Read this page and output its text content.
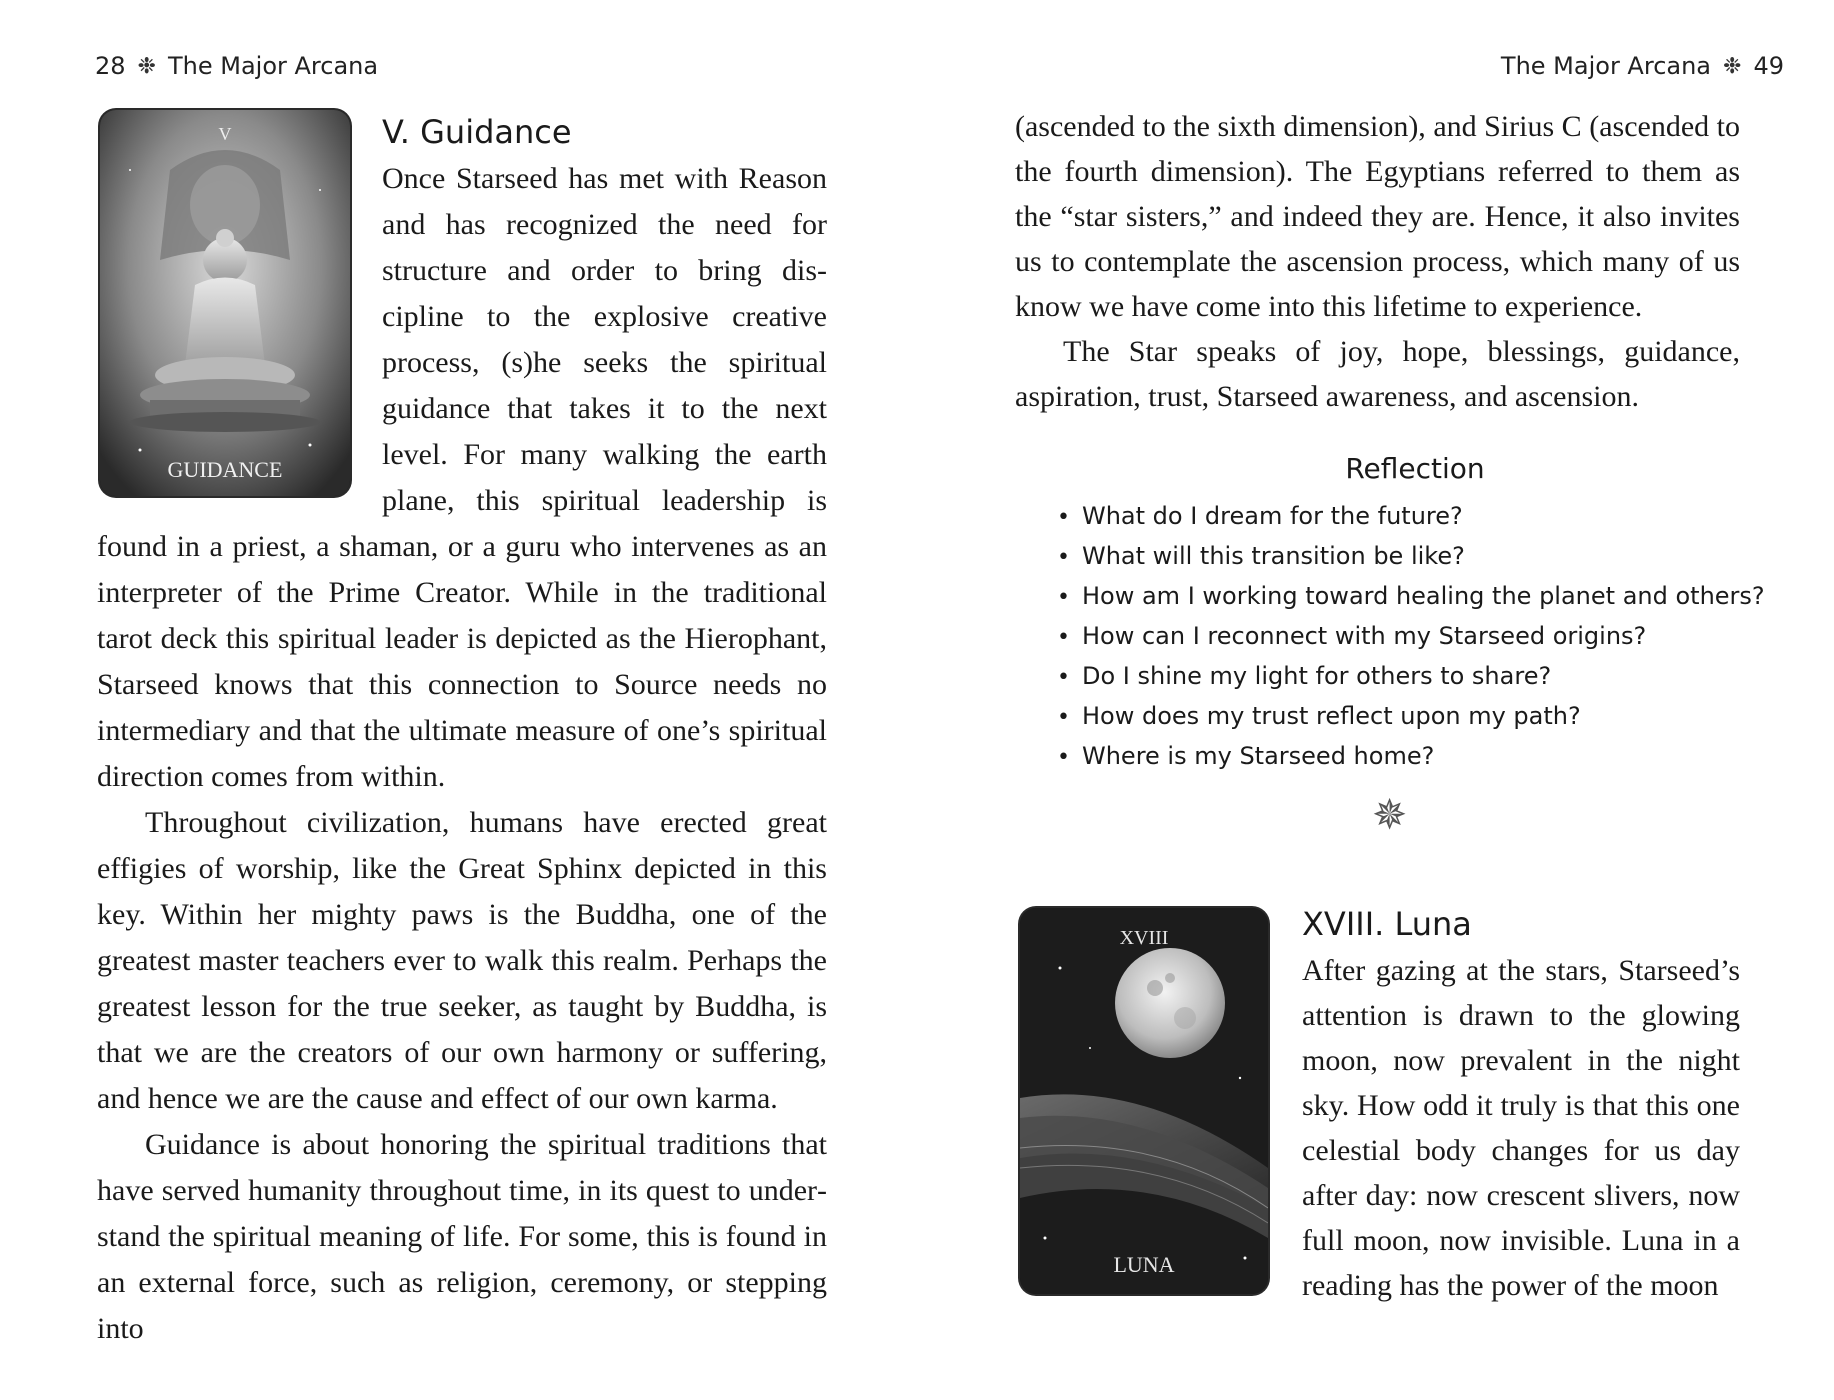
28 ❉ The Major Arcana
V
GUIDANCE
V. Guidance

Once Starseed has met with Reason and has recognized the need for structure and order to bring discipline to the explosive creative process, (s)he seeks the spiritual guidance that takes it to the next level. For many walking the earth plane, this spiritual leadership is found in a priest, a shaman, or a guru who intervenes as an interpreter of the Prime Creator. While in the traditional tarot deck this spiritual leader is depicted as the Hierophant, Starseed knows that this connection to Source needs no intermediary and that the ultimate measure of one’s spiritual direction comes from within.

Throughout civilization, humans have erected great effigies of worship, like the Great Sphinx depicted in this key. Within her mighty paws is the Buddha, one of the greatest master teachers ever to walk this realm. Perhaps the greatest lesson for the true seeker, as taught by Buddha, is that we are the creators of our own harmony or suffering, and hence we are the cause and effect of our own karma.

Guidance is about honoring the spiritual traditions that have served humanity throughout time, in its quest to understand the spiritual meaning of life. For some, this is found in an external force, such as religion, ceremony, or stepping into

The Major Arcana ❉ 49

(ascended to the sixth dimension), and Sirius C (ascended to the fourth dimension). The Egyptians referred to them as the “star sisters,” and indeed they are. Hence, it also invites us to contemplate the ascension process, which many of us know we have come into this lifetime to experience.

The Star speaks of joy, hope, blessings, guidance, aspiration, trust, Starseed awareness, and ascension.

Reflection
• What do I dream for the future?
• What will this transition be like?
• How am I working toward healing the planet and others?
• How can I reconnect with my Starseed origins?
• Do I shine my light for others to share?
• How does my trust reflect upon my path?
• Where is my Starseed home?
✵
XVIII
LUNA
XVIII. Luna

After gazing at the stars, Starseed’s attention is drawn to the glowing moon, now prevalent in the night sky. How odd it truly is that this one celestial body changes for us day after day: now crescent slivers, now full moon, now invisible. Luna in a reading has the power of the moon
